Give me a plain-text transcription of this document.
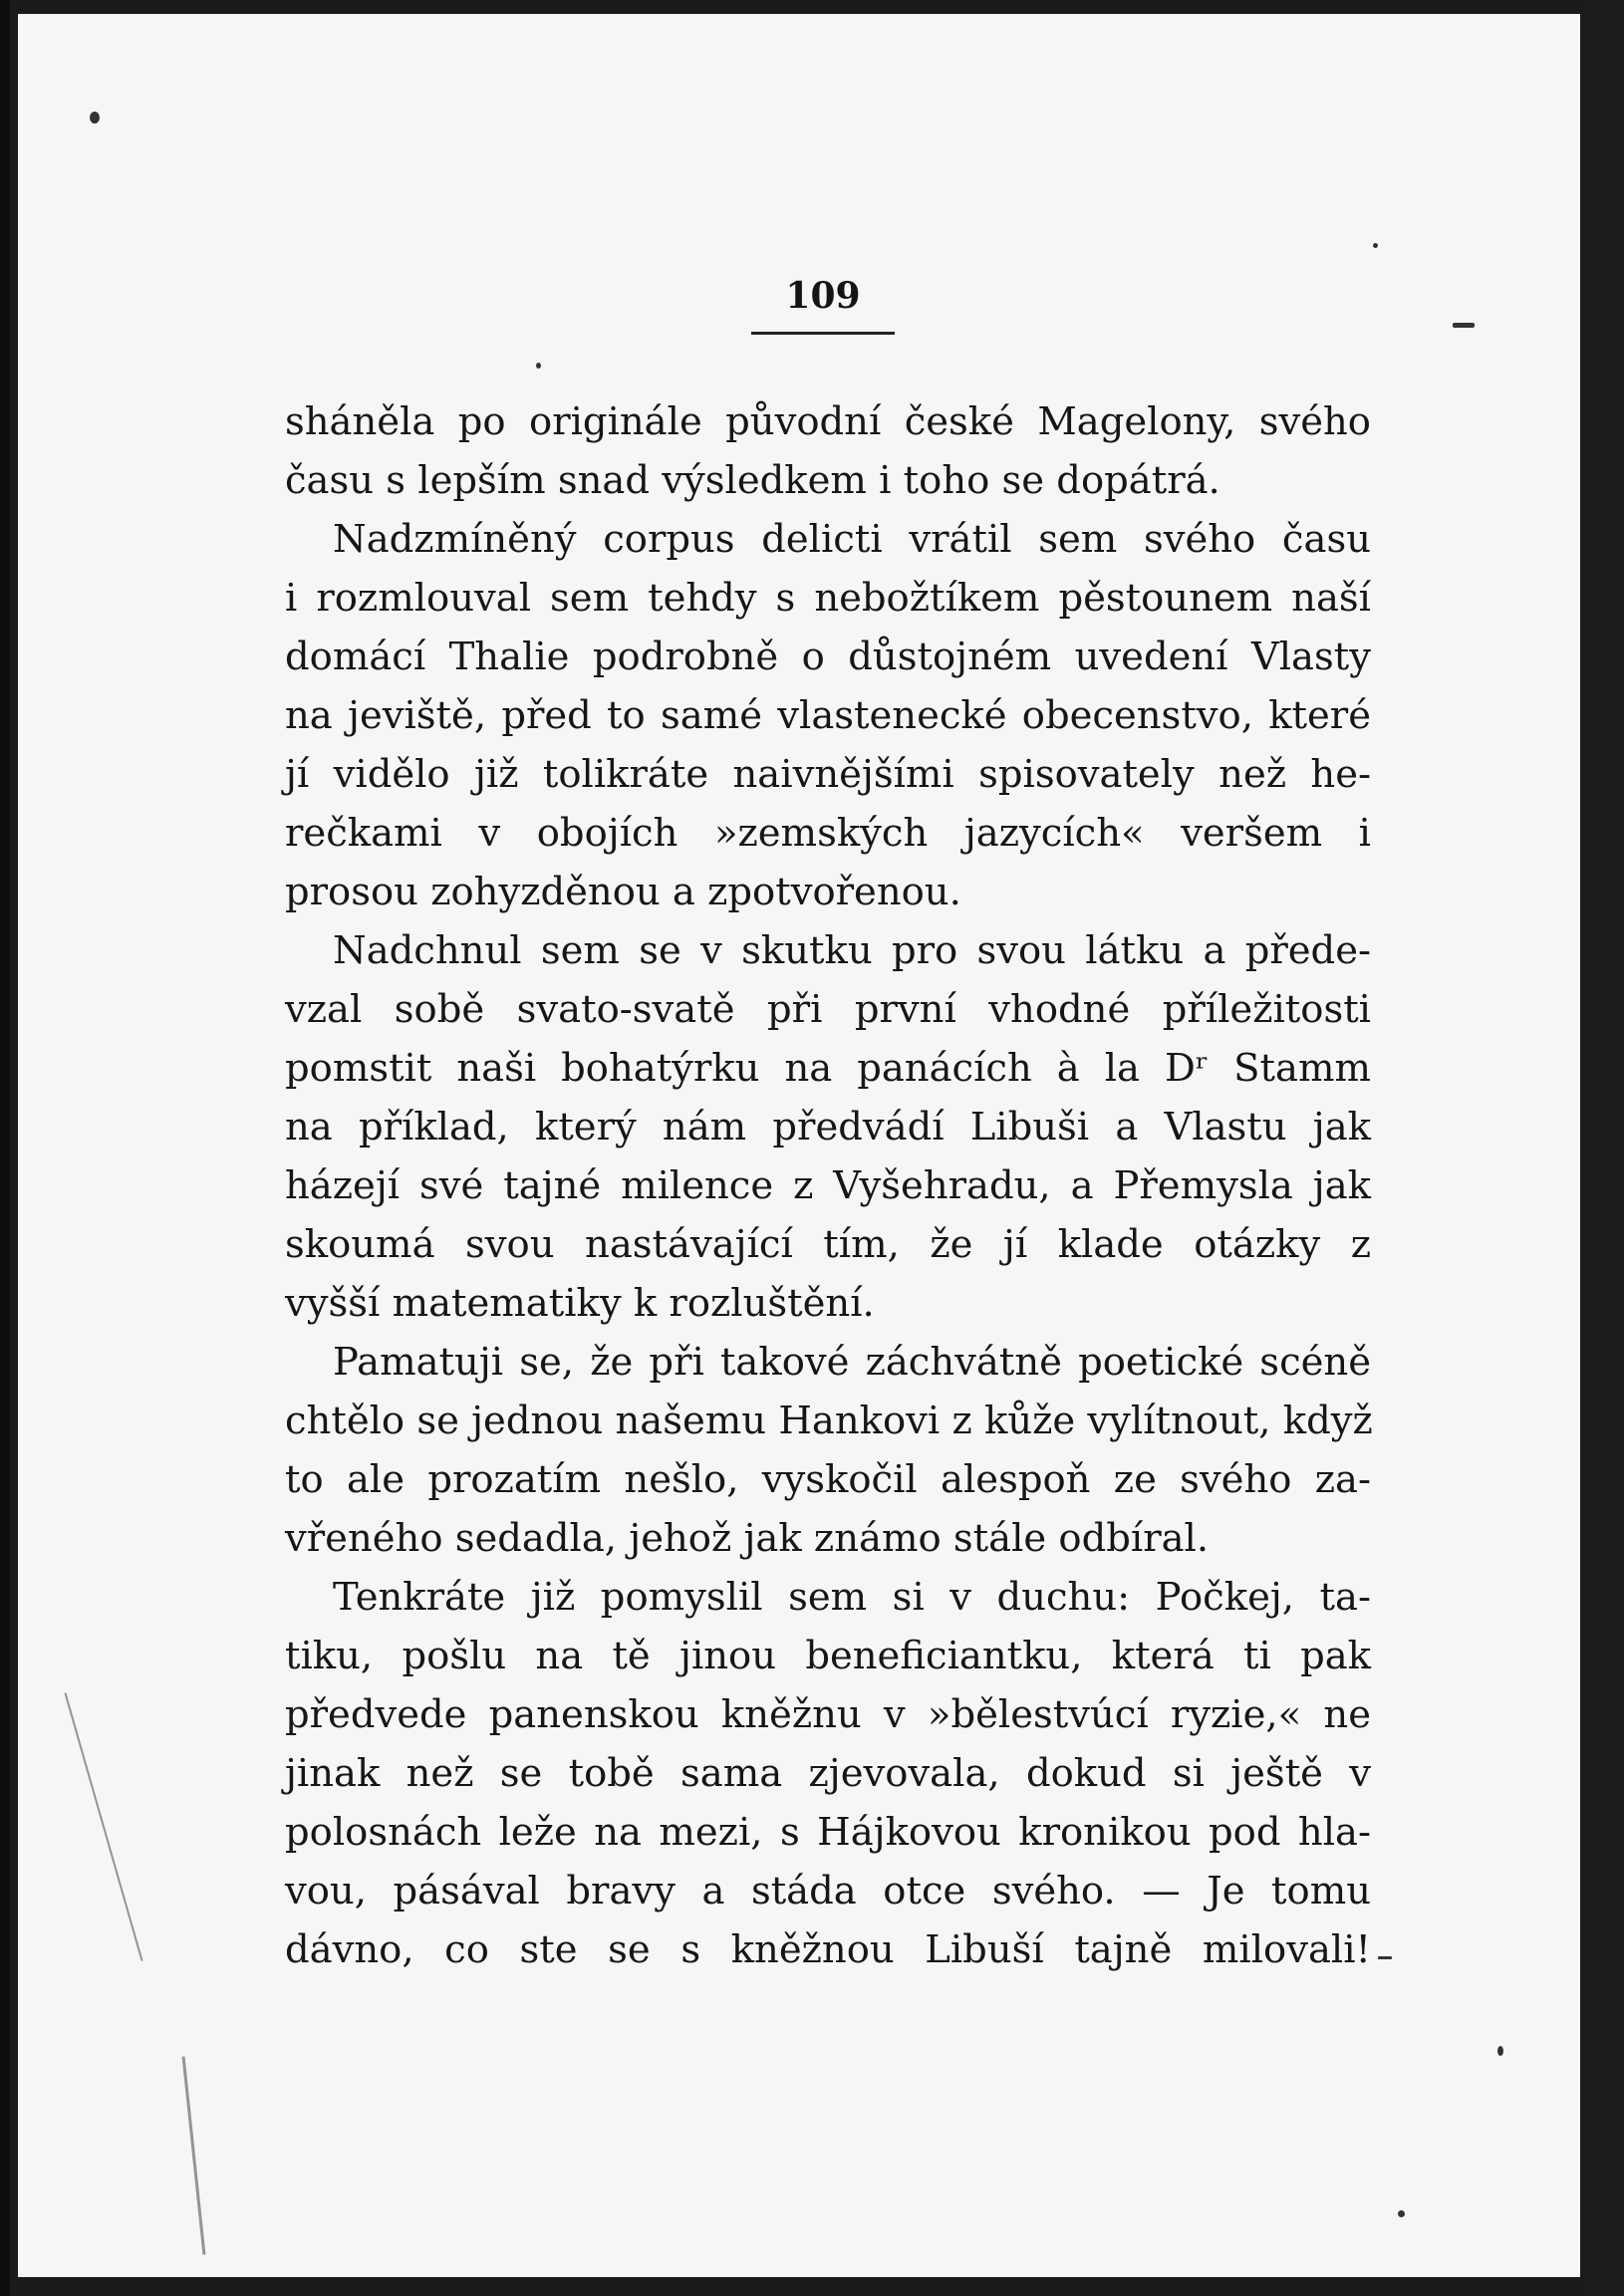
109
sháněla po originále původní české Magelony, svého
času s lepším snad výsledkem i toho se dopátrá.
Nadzmíněný corpus delicti vrátil sem svého času
i rozmlouval sem tehdy s nebožtíkem pěstounem naší
domácí Thalie podrobně o důstojném uvedení Vlasty
na jeviště, před to samé vlastenecké obecenstvo, které
jí vidělo již tolikráte naivnějšími spisovately než he-
rečkami v obojích »zemských jazycích« veršem i
prosou zohyzděnou a zpotvořenou.
Nadchnul sem se v skutku pro svou látku a přede-
vzal sobě svato-svatě při první vhodné příležitosti
pomstit naši bohatýrku na panácích à la Dʳ Stamm
na příklad, který nám předvádí Libuši a Vlastu jak
házejí své tajné milence z Vyšehradu, a Přemysla jak
skoumá svou nastávající tím, že jí klade otázky z
vyšší matematiky k rozluštění.
Pamatuji se, že při takové záchvátně poetické scéně
chtělo se jednou našemu Hankovi z kůže vylítnout, když
to ale prozatím nešlo, vyskočil alespoň ze svého za-
vřeného sedadla, jehož jak známo stále odbíral.
Tenkráte již pomyslil sem si v duchu: Počkej, ta-
tiku, pošlu na tě jinou beneficiantku, která ti pak
předvede panenskou kněžnu v »bělestvúcí ryzie,« ne
jinak než se tobě sama zjevovala, dokud si ještě v
polosnách leže na mezi, s Hájkovou kronikou pod hla-
vou, pásával bravy a stáda otce svého. — Je tomu
dávno, co ste se s kněžnou Libuší tajně milovali!
